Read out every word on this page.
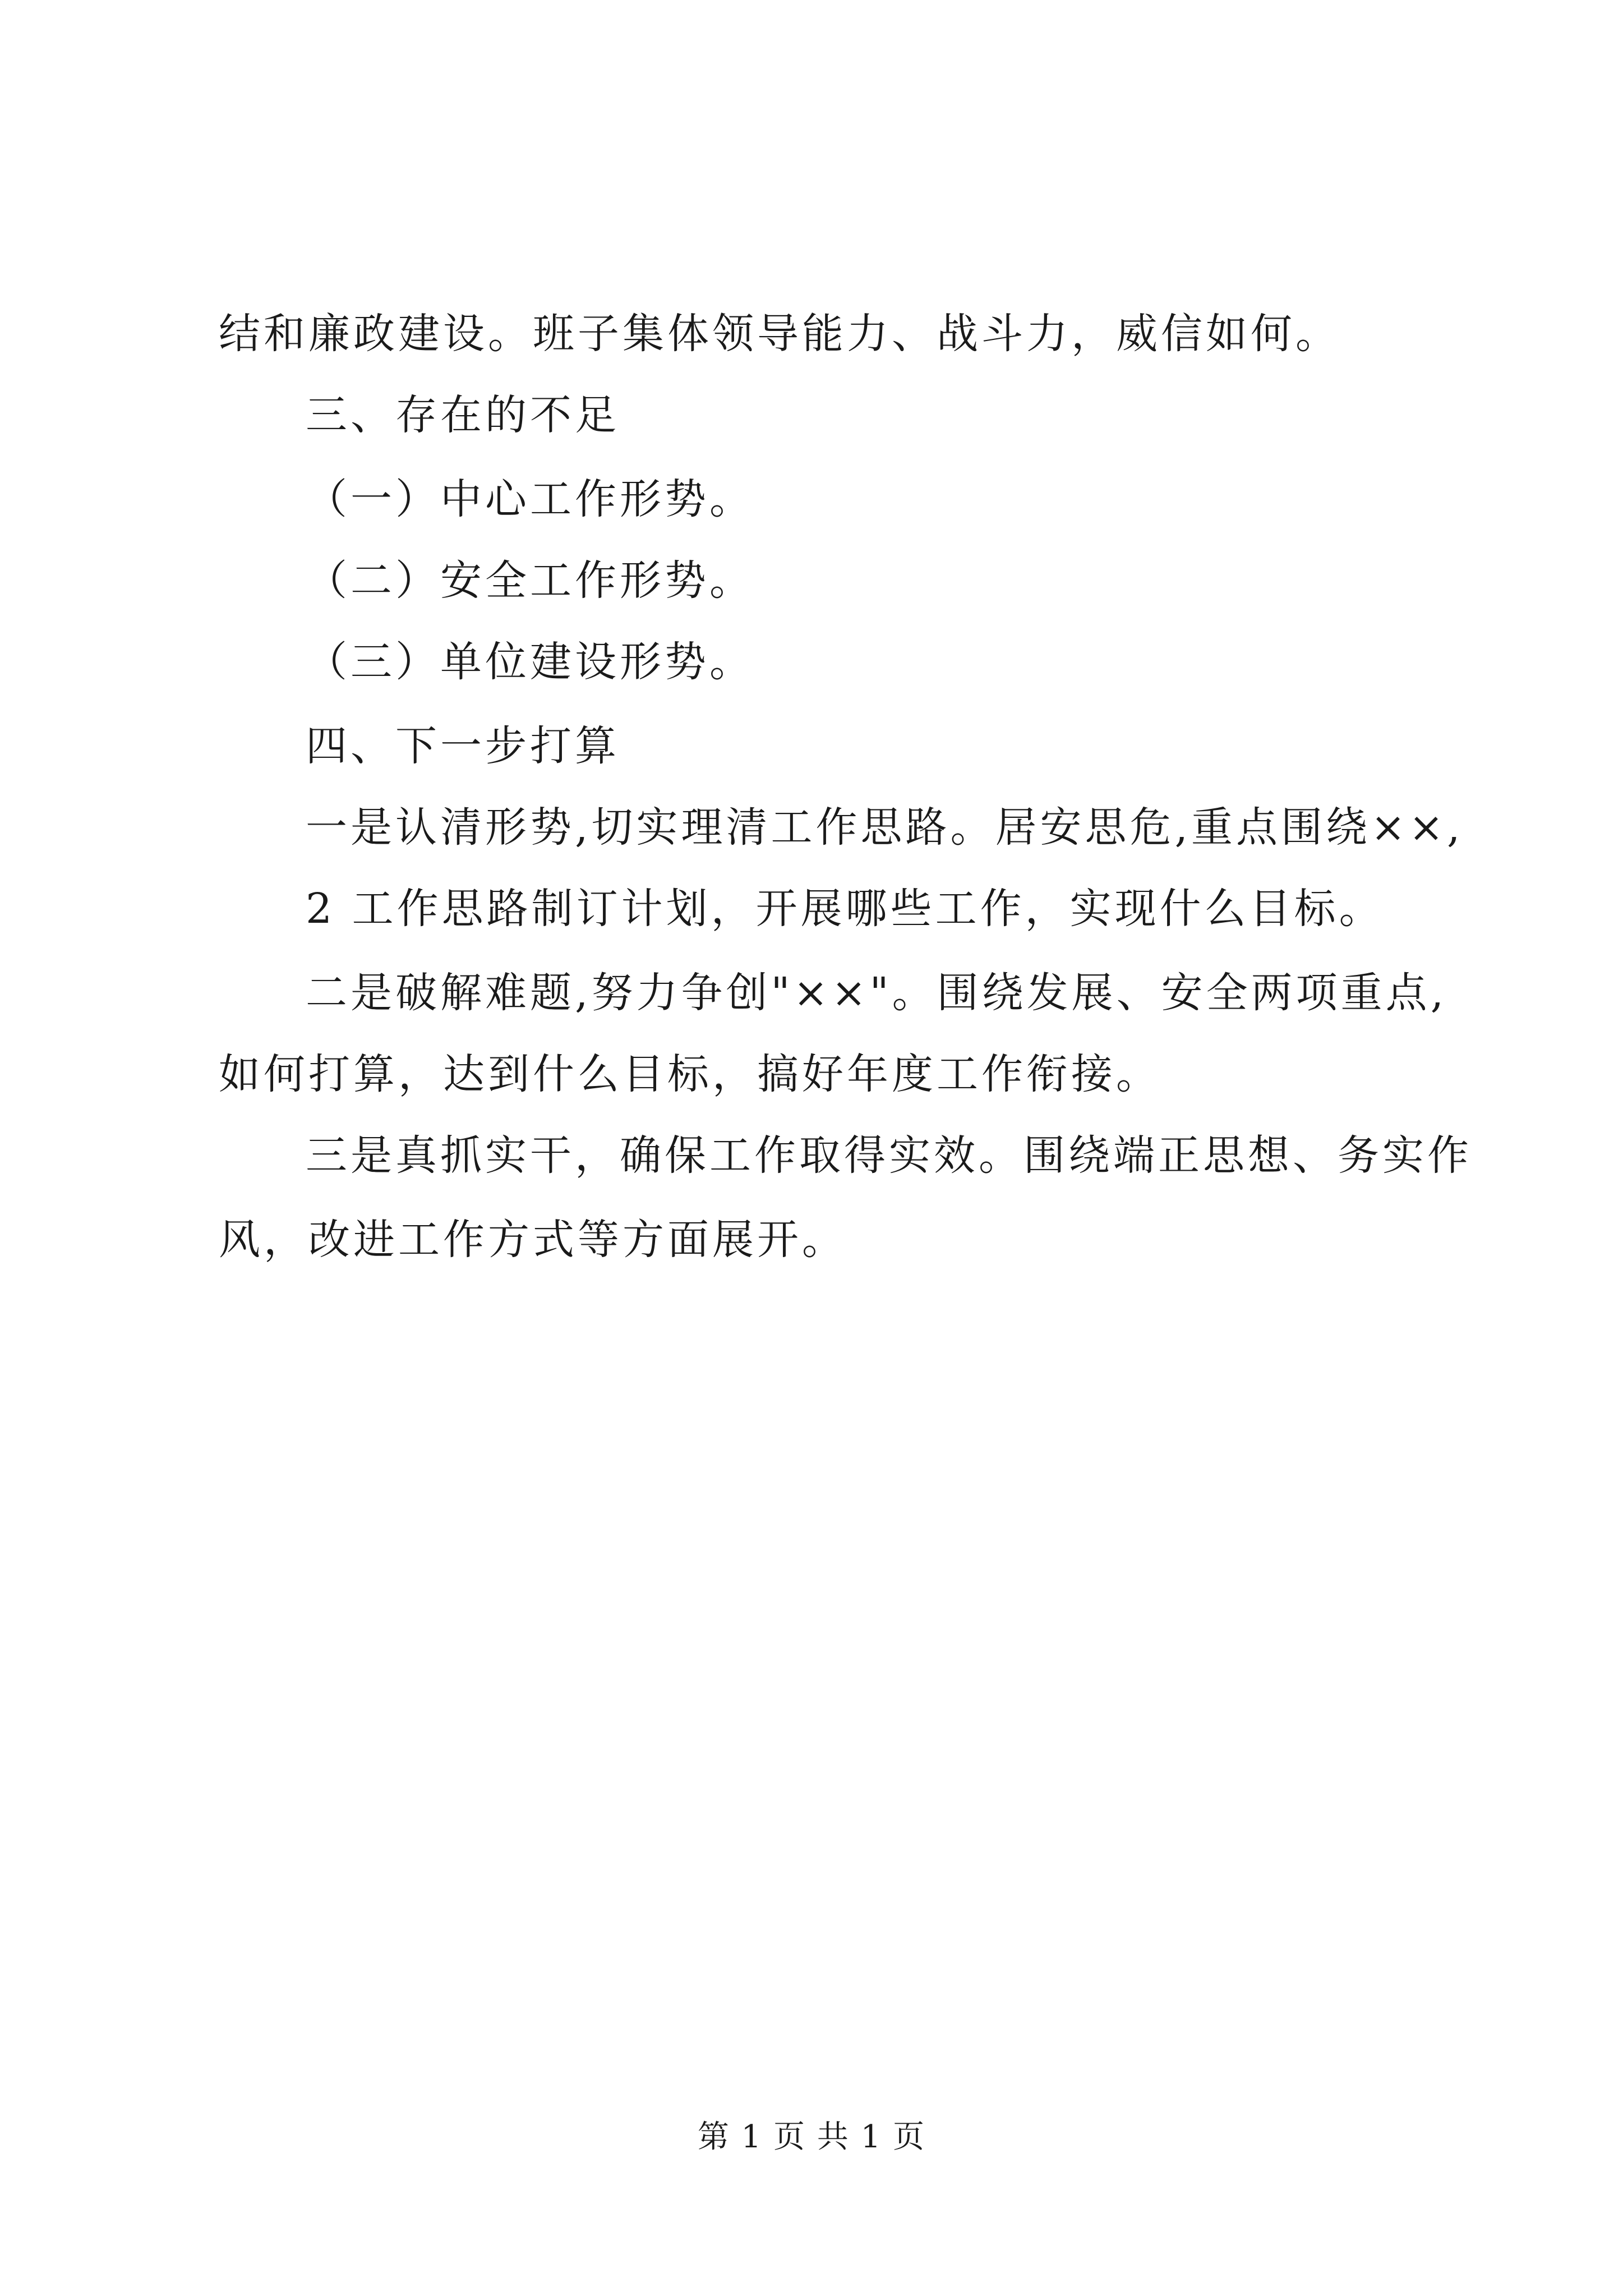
结和廉政建设。班子集体领导能力、战斗力，威信如何。
三、存在的不足
（一）中心工作形势。
（二）安全工作形势。
（三）单位建设形势。
四、下一步打算
一是认清形势,切实理清工作思路。居安思危,重点围绕××,
2 工作思路制订计划，开展哪些工作，实现什么目标。
二是破解难题,努力争创"××"。围绕发展、安全两项重点,
如何打算，达到什么目标，搞好年度工作衔接。
三是真抓实干，确保工作取得实效。围绕端正思想、务实作
风，改进工作方式等方面展开。
第 1 页 共 1 页
